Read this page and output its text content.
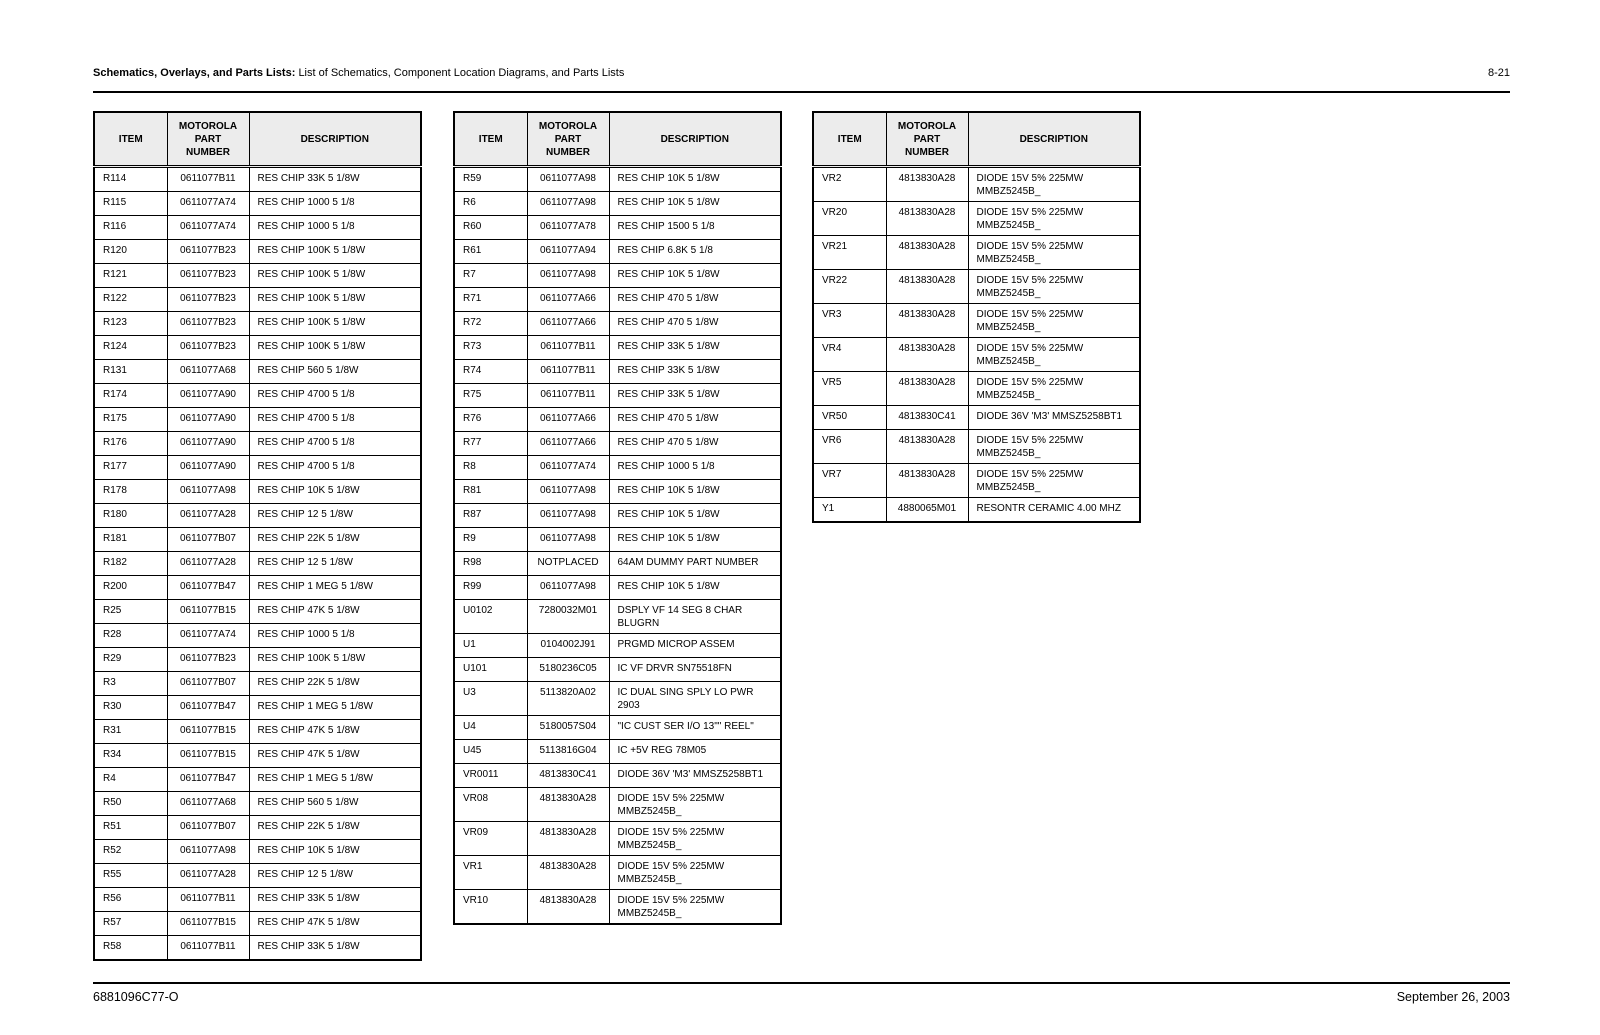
Schematics, Overlays, and Parts Lists: List of Schematics, Component Location Diagrams, and Parts Lists	8-21
ITEM	MOTOROLA
PART
NUMBER	DESCRIPTION
R114	0611077B11	RES CHIP 33K 5 1/8W
R115	0611077A74	RES CHIP 1000 5 1/8
R116	0611077A74	RES CHIP 1000 5 1/8
R120	0611077B23	RES CHIP 100K 5 1/8W
R121	0611077B23	RES CHIP 100K 5 1/8W
R122	0611077B23	RES CHIP 100K 5 1/8W
R123	0611077B23	RES CHIP 100K 5 1/8W
R124	0611077B23	RES CHIP 100K 5 1/8W
R131	0611077A68	RES CHIP 560 5 1/8W
R174	0611077A90	RES CHIP 4700 5 1/8
R175	0611077A90	RES CHIP 4700 5 1/8
R176	0611077A90	RES CHIP 4700 5 1/8
R177	0611077A90	RES CHIP 4700 5 1/8
R178	0611077A98	RES CHIP 10K 5 1/8W
R180	0611077A28	RES CHIP 12 5 1/8W
R181	0611077B07	RES CHIP 22K 5 1/8W
R182	0611077A28	RES CHIP 12 5 1/8W
R200	0611077B47	RES CHIP 1 MEG 5 1/8W
R25	0611077B15	RES CHIP 47K 5 1/8W
R28	0611077A74	RES CHIP 1000 5 1/8
R29	0611077B23	RES CHIP 100K 5 1/8W
R3	0611077B07	RES CHIP 22K 5 1/8W
R30	0611077B47	RES CHIP 1 MEG 5 1/8W
R31	0611077B15	RES CHIP 47K 5 1/8W
R34	0611077B15	RES CHIP 47K 5 1/8W
R4	0611077B47	RES CHIP 1 MEG 5 1/8W
R50	0611077A68	RES CHIP 560 5 1/8W
R51	0611077B07	RES CHIP 22K 5 1/8W
R52	0611077A98	RES CHIP 10K 5 1/8W
R55	0611077A28	RES CHIP 12 5 1/8W
R56	0611077B11	RES CHIP 33K 5 1/8W
R57	0611077B15	RES CHIP 47K 5 1/8W
R58	0611077B11	RES CHIP 33K 5 1/8W
ITEM	MOTOROLA
PART
NUMBER	DESCRIPTION
R59	0611077A98	RES CHIP 10K 5 1/8W
R6	0611077A98	RES CHIP 10K 5 1/8W
R60	0611077A78	RES CHIP 1500 5 1/8
R61	0611077A94	RES CHIP 6.8K 5 1/8
R7	0611077A98	RES CHIP 10K 5 1/8W
R71	0611077A66	RES CHIP 470 5 1/8W
R72	0611077A66	RES CHIP 470 5 1/8W
R73	0611077B11	RES CHIP 33K 5 1/8W
R74	0611077B11	RES CHIP 33K 5 1/8W
R75	0611077B11	RES CHIP 33K 5 1/8W
R76	0611077A66	RES CHIP 470 5 1/8W
R77	0611077A66	RES CHIP 470 5 1/8W
R8	0611077A74	RES CHIP 1000 5 1/8
R81	0611077A98	RES CHIP 10K 5 1/8W
R87	0611077A98	RES CHIP 10K 5 1/8W
R9	0611077A98	RES CHIP 10K 5 1/8W
R98	NOTPLACED	64AM DUMMY PART NUMBER
R99	0611077A98	RES CHIP 10K 5 1/8W
U0102	7280032M01	DSPLY VF 14 SEG 8 CHAR
BLUGRN
U1	0104002J91	PRGMD MICROP ASSEM
U101	5180236C05	IC VF DRVR SN75518FN
U3	5113820A02	IC DUAL SING SPLY LO PWR
2903
U4	5180057S04	"IC CUST SER I/O 13"" REEL"
U45	5113816G04	IC +5V REG 78M05
VR0011	4813830C41	DIODE 36V 'M3' MMSZ5258BT1
VR08	4813830A28	DIODE 15V 5% 225MW
MMBZ5245B_
VR09	4813830A28	DIODE 15V 5% 225MW
MMBZ5245B_
VR1	4813830A28	DIODE 15V 5% 225MW
MMBZ5245B_
VR10	4813830A28	DIODE 15V 5% 225MW
MMBZ5245B_
ITEM	MOTOROLA
PART
NUMBER	DESCRIPTION
VR2	4813830A28	DIODE 15V 5% 225MW
MMBZ5245B_
VR20	4813830A28	DIODE 15V 5% 225MW
MMBZ5245B_
VR21	4813830A28	DIODE 15V 5% 225MW
MMBZ5245B_
VR22	4813830A28	DIODE 15V 5% 225MW
MMBZ5245B_
VR3	4813830A28	DIODE 15V 5% 225MW
MMBZ5245B_
VR4	4813830A28	DIODE 15V 5% 225MW
MMBZ5245B_
VR5	4813830A28	DIODE 15V 5% 225MW
MMBZ5245B_
VR50	4813830C41	DIODE 36V 'M3' MMSZ5258BT1
VR6	4813830A28	DIODE 15V 5% 225MW
MMBZ5245B_
VR7	4813830A28	DIODE 15V 5% 225MW
MMBZ5245B_
Y1	4880065M01	RESONTR CERAMIC 4.00 MHZ
6881096C77-O	September 26, 2003
